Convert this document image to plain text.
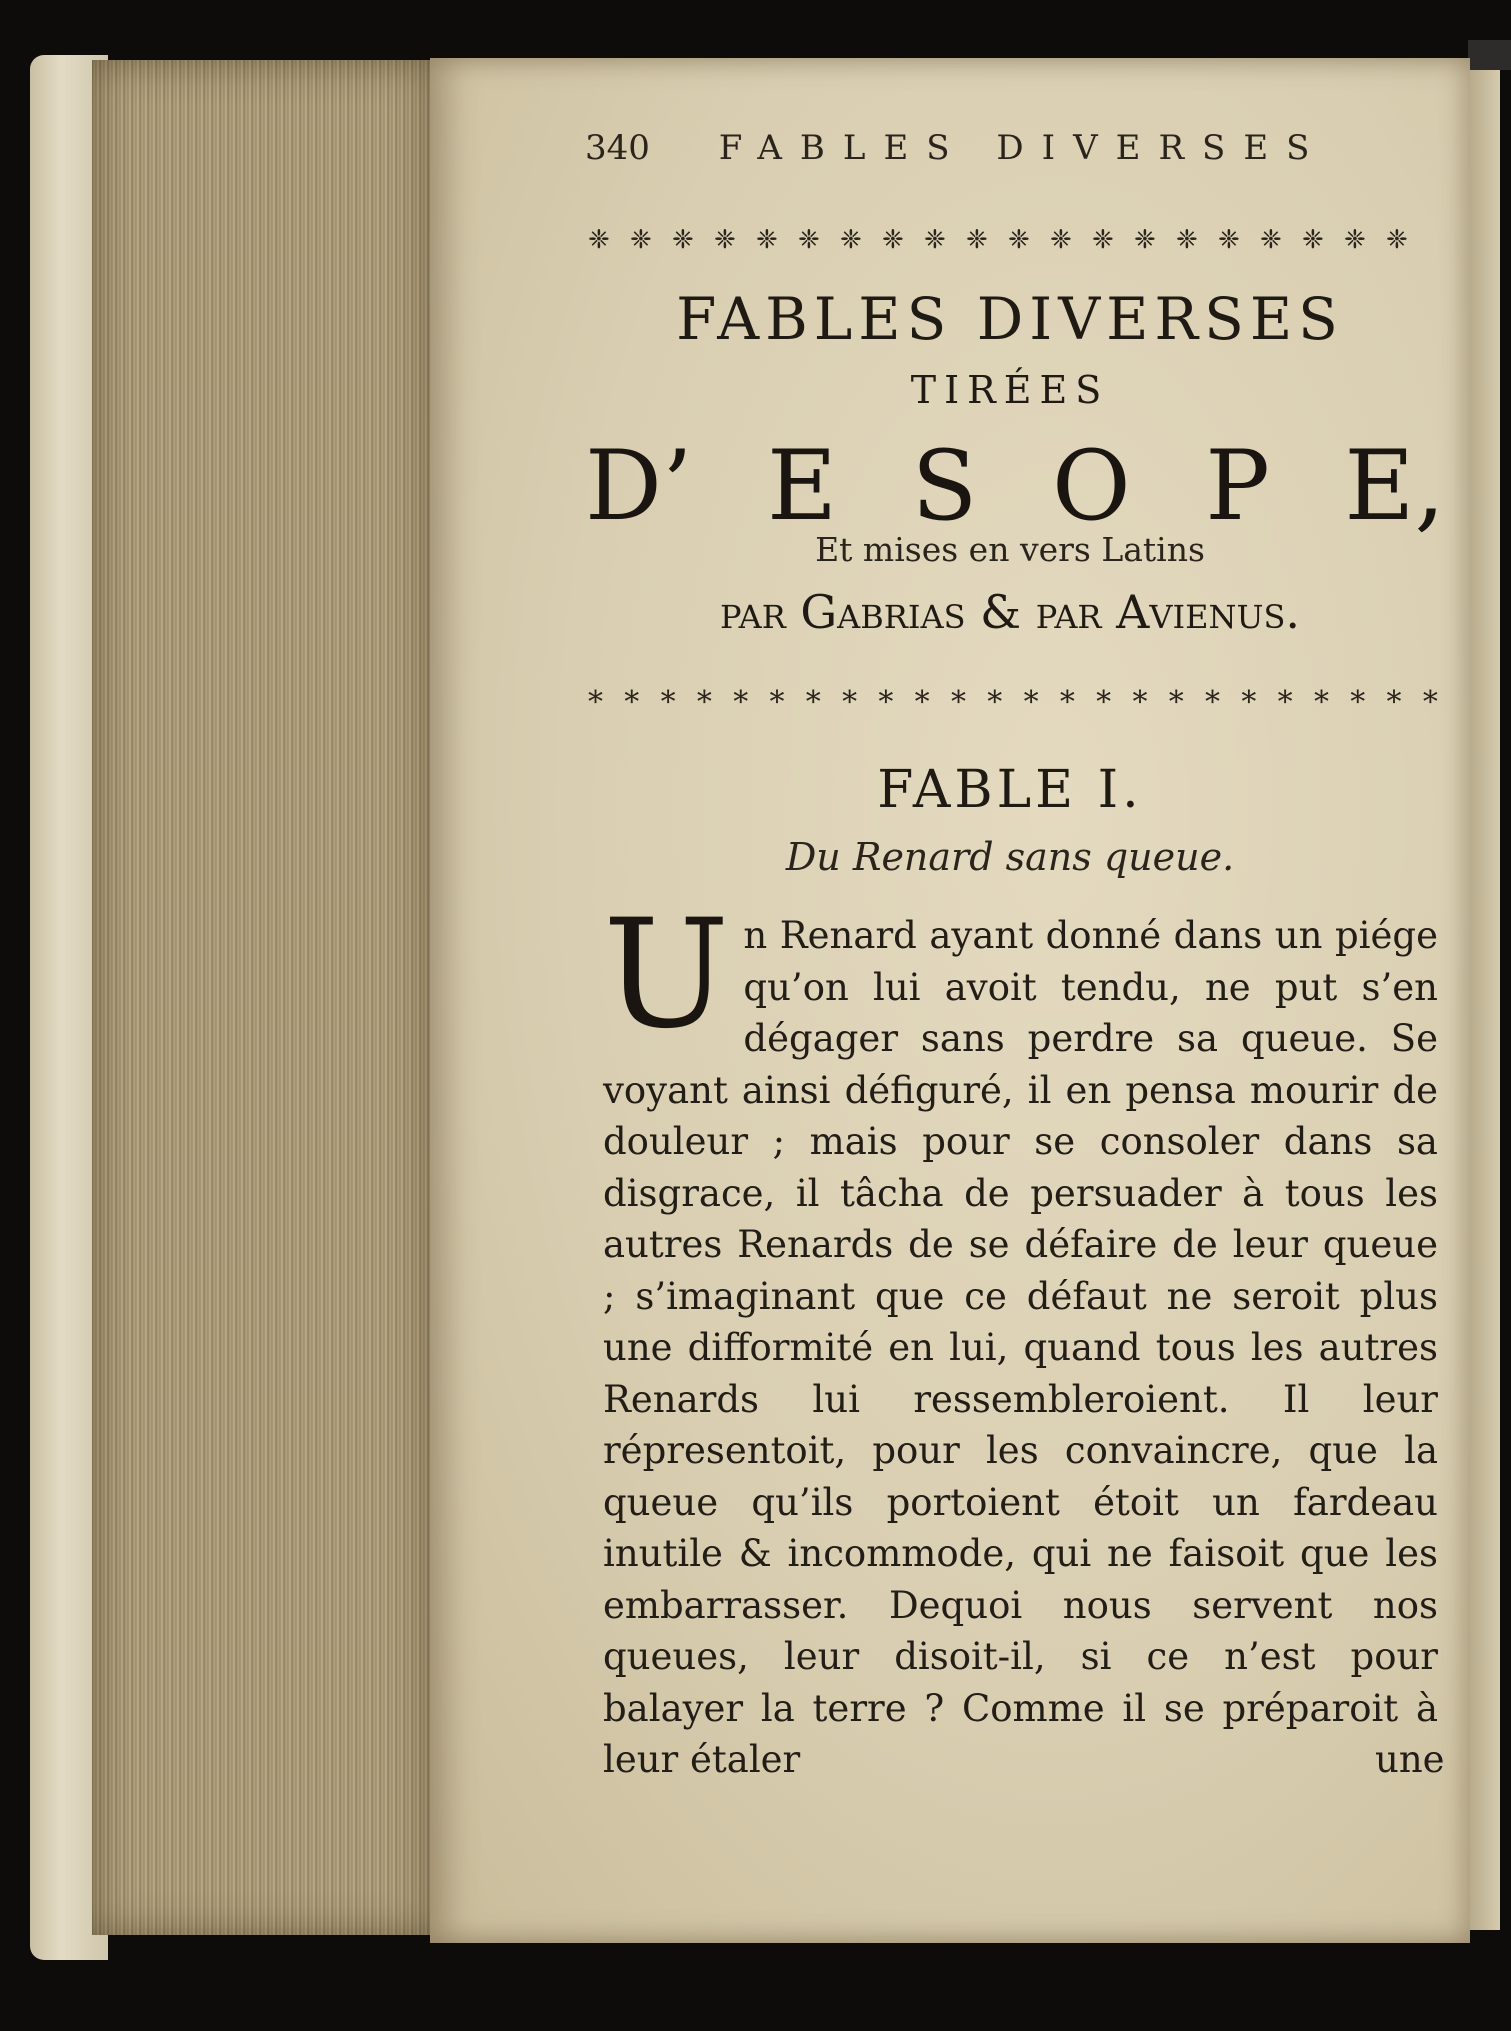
340 FABLES DIVERSES
❈ ❈ ❈ ❈ ❈ ❈ ❈ ❈ ❈ ❈ ❈ ❈ ❈ ❈ ❈ ❈ ❈ ❈ ❈ ❈
FABLES DIVERSES
TIRÉES
D’ E S O P E,
Et mises en vers Latins
par Gabrias & par Avienus.
* * * * * * * * * * * * * * * * * * * * * * * *
FABLE I.
Du Renard sans queue.
U n Renard ayant donné dans un piége qu’on lui avoit tendu, ne put s’en dégager sans perdre sa queue. Se voyant ainsi défiguré, il en pensa mourir de douleur ; mais pour se consoler dans sa disgrace, il tâcha de persuader à tous les autres Renards de se défaire de leur queue ; s’imaginant que ce défaut ne seroit plus une difformité en lui, quand tous les autres Renards lui ressembleroient. Il leur répresentoit, pour les convaincre, que la queue qu’ils portoient étoit un fardeau inutile & incommode, qui ne faisoit que les embarrasser. Dequoi nous servent nos queues, leur disoit-il, si ce n’est pour balayer la terre ? Comme il se préparoit à leur étaler	une
